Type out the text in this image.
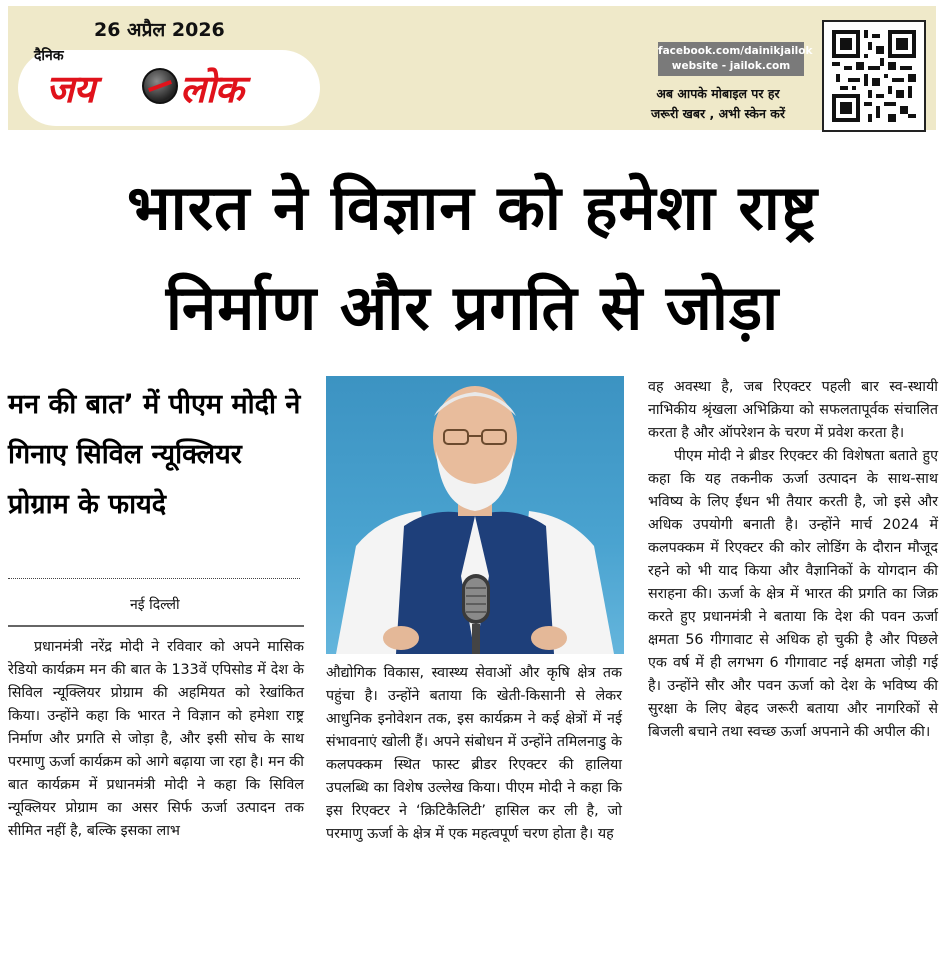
26 अप्रैल 2026
दैनिक
जय लोक
facebook.com/dainikjailok
website - jailok.com
अब आपके मोबाइल पर हर
जरूरी खबर , अभी स्केन करें
भारत ने विज्ञान को हमेशा राष्ट्र
निर्माण और प्रगति से जोड़ा
मन की बात’ में पीएम मोदी ने गिनाए सिविल न्यूक्लियर प्रोग्राम के फायदे
नई दिल्ली
प्रधानमंत्री नरेंद्र मोदी ने रविवार को अपने मासिक रेडियो कार्यक्रम मन की बात के 133वें एपिसोड में देश के सिविल न्यूक्लियर प्रोग्राम की अहमियत को रेखांकित किया। उन्होंने कहा कि भारत ने विज्ञान को हमेशा राष्ट्र निर्माण और प्रगति से जोड़ा है, और इसी सोच के साथ परमाणु ऊर्जा कार्यक्रम को आगे बढ़ाया जा रहा है। मन की बात कार्यक्रम में प्रधानमंत्री मोदी ने कहा कि सिविल न्यूक्लियर प्रोग्राम का असर सिर्फ ऊर्जा उत्पादन तक सीमित नहीं है, बल्कि इसका लाभ
औद्योगिक विकास, स्वास्थ्य सेवाओं और कृषि क्षेत्र तक पहुंचा है। उन्होंने बताया कि खेती-किसानी से लेकर आधुनिक इनोवेशन तक, इस कार्यक्रम ने कई क्षेत्रों में नई संभावनाएं खोली हैं। अपने संबोधन में उन्होंने तमिलनाडु के कलपक्कम स्थित फास्ट ब्रीडर रिएक्टर की हालिया उपलब्धि का विशेष उल्लेख किया। पीएम मोदी ने कहा कि इस रिएक्टर ने ‘क्रिटिकैलिटी’ हासिल कर ली है, जो परमाणु ऊर्जा के क्षेत्र में एक महत्वपूर्ण चरण होता है। यह

वह अवस्था है, जब रिएक्टर पहली बार स्व-स्थायी नाभिकीय श्रृंखला अभिक्रिया को सफलतापूर्वक संचालित करता है और ऑपरेशन के चरण में प्रवेश करता है।

पीएम मोदी ने ब्रीडर रिएक्टर की विशेषता बताते हुए कहा कि यह तकनीक ऊर्जा उत्पादन के साथ-साथ भविष्य के लिए ईंधन भी तैयार करती है, जो इसे और अधिक उपयोगी बनाती है। उन्होंने मार्च 2024 में कलपक्कम में रिएक्टर की कोर लोडिंग के दौरान मौजूद रहने को भी याद किया और वैज्ञानिकों के योगदान की सराहना की। ऊर्जा के क्षेत्र में भारत की प्रगति का जिक्र करते हुए प्रधानमंत्री ने बताया कि देश की पवन ऊर्जा क्षमता 56 गीगावाट से अधिक हो चुकी है और पिछले एक वर्ष में ही लगभग 6 गीगावाट नई क्षमता जोड़ी गई है। उन्होंने सौर और पवन ऊर्जा को देश के भविष्य की सुरक्षा के लिए बेहद जरूरी बताया और नागरिकों से बिजली बचाने तथा स्वच्छ ऊर्जा अपनाने की अपील की।
